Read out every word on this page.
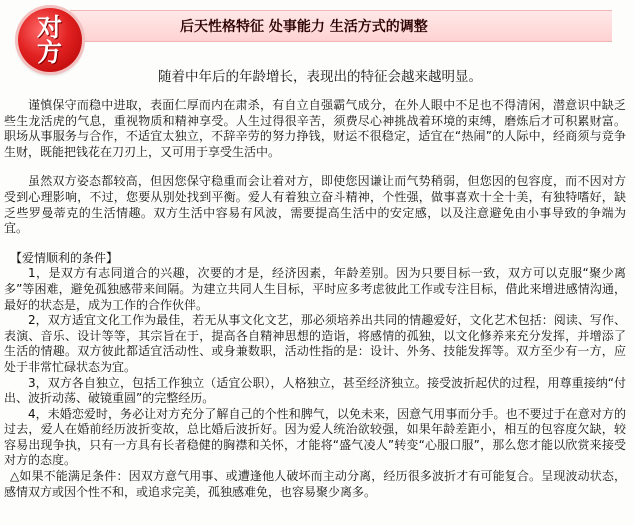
对
方
后天性格特征 处事能力 生活方式的调整
随着中年后的年龄增长，表现出的特征会越来越明显。

谨慎保守而稳中进取，表面仁厚而内在肃杀，有自立自强霸气成分，在外人眼中不足也不得清闲，潜意识中缺乏些生龙活虎的气息，重视物质和精神享受。人生过得很辛苦，须费尽心神挑战着环境的束缚，磨炼后才可积累财富。职场从事服务与合作，不适宜太独立，不辞辛劳的努力挣钱，财运不很稳定，适宜在“热闹”的人际中，经商须与竞争生财，既能把钱花在刀刃上，又可用于享受生活中。

虽然双方姿态都较高，但因您保守稳重而会让着对方，即使您因谦让而气势稍弱，但您因的包容度，而不因对方受到心理影响，不过，您要从别处找到平衡。爱人有着独立奋斗精神，个性强，做事喜欢十全十美，有独特嗜好，缺乏些罗曼蒂克的生活情趣。双方生活中容易有风波，需要提高生活中的安定感，以及注意避免由小事导致的争端为宜。

【爱情顺利的条件】

1，是双方有志同道合的兴趣，次要的才是，经济因素，年龄差别。因为只要目标一致，双方可以克服“聚少离多”等困难，避免孤独感带来间隔。为建立共同人生目标，平时应多考虑彼此工作或专注目标，借此来增进感情沟通，最好的状态是，成为工作的合作伙伴。

2，双方适宜文化工作为最佳，若无从事文化文艺，那必须培养出共同的情趣爱好，文化艺术包括：阅读、写作、表演、音乐、设计等等，其宗旨在于，提高各自精神思想的造诣，将感情的孤独，以文化修养来充分发挥，并增添了生活的情趣。双方彼此都适宜活动性、或身兼数职，活动性指的是：设计、外务、技能发挥等。双方至少有一方，应处于非常忙碌状态为宜。

3，双方各自独立，包括工作独立（适宜公职），人格独立，甚至经济独立。接受波折起伏的过程，用尊重接纳“付出、波折动荡、破镜重圆”的完整经历。

4，未婚恋爱时，务必让对方充分了解自己的个性和脾气，以免未来，因意气用事而分手。也不要过于在意对方的过去，爱人在婚前经历波折变故，总比婚后波折好。因为爱人统治欲较强，如果年龄差距小，相互的包容度欠缺，较容易出现争执，只有一方具有长者稳健的胸襟和关怀，才能将“盛气凌人”转变“心服口服”，那么您才能以欣赏来接受对方的态度。

△如果不能满足条件：因双方意气用事、或遭逢他人破坏而主动分离，经历很多波折才有可能复合。呈现波动状态，感情双方或因个性不和，或追求完美，孤独感难免，也容易聚少离多。
